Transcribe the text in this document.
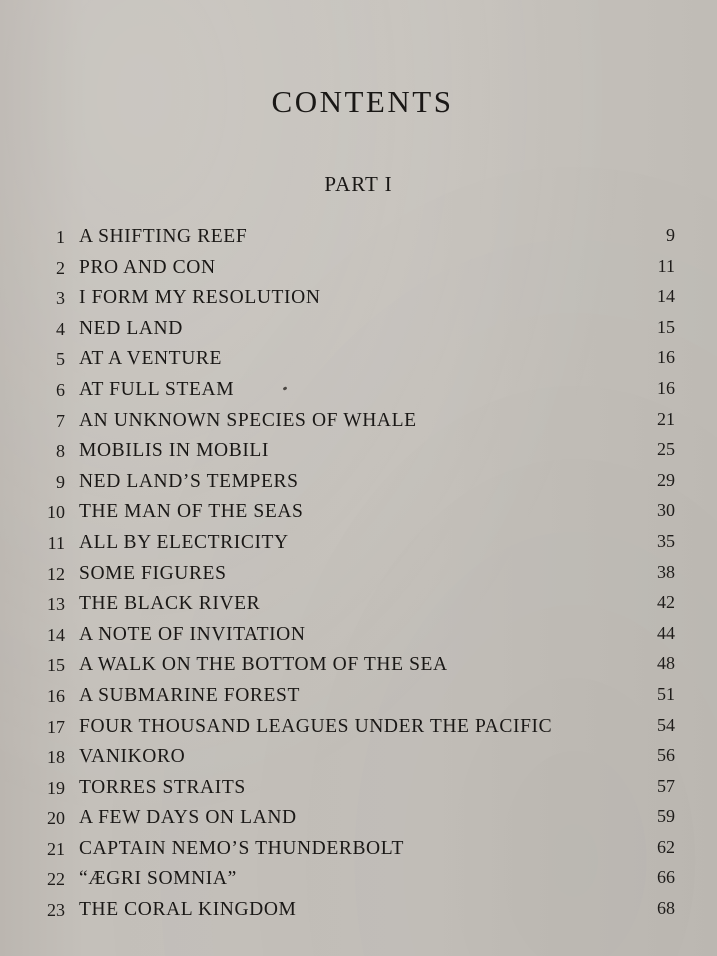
CONTENTS
PART I
1 A SHIFTING REEF	9
2 PRO AND CON	11
3 I FORM MY RESOLUTION	14
4 NED LAND	15
5 AT A VENTURE	16
6 AT FULL STEAM	16
7 AN UNKNOWN SPECIES OF WHALE	21
8 MOBILIS IN MOBILI	25
9 NED LAND’S TEMPERS	29
10 THE MAN OF THE SEAS	30
11 ALL BY ELECTRICITY	35
12 SOME FIGURES	38
13 THE BLACK RIVER	42
14 A NOTE OF INVITATION	44
15 A WALK ON THE BOTTOM OF THE SEA	48
16 A SUBMARINE FOREST	51
17 FOUR THOUSAND LEAGUES UNDER THE PACIFIC	54
18 VANIKORO	56
19 TORRES STRAITS	57
20 A FEW DAYS ON LAND	59
21 CAPTAIN NEMO’S THUNDERBOLT	62
22 “ÆGRI SOMNIA”	66
23 THE CORAL KINGDOM	68
